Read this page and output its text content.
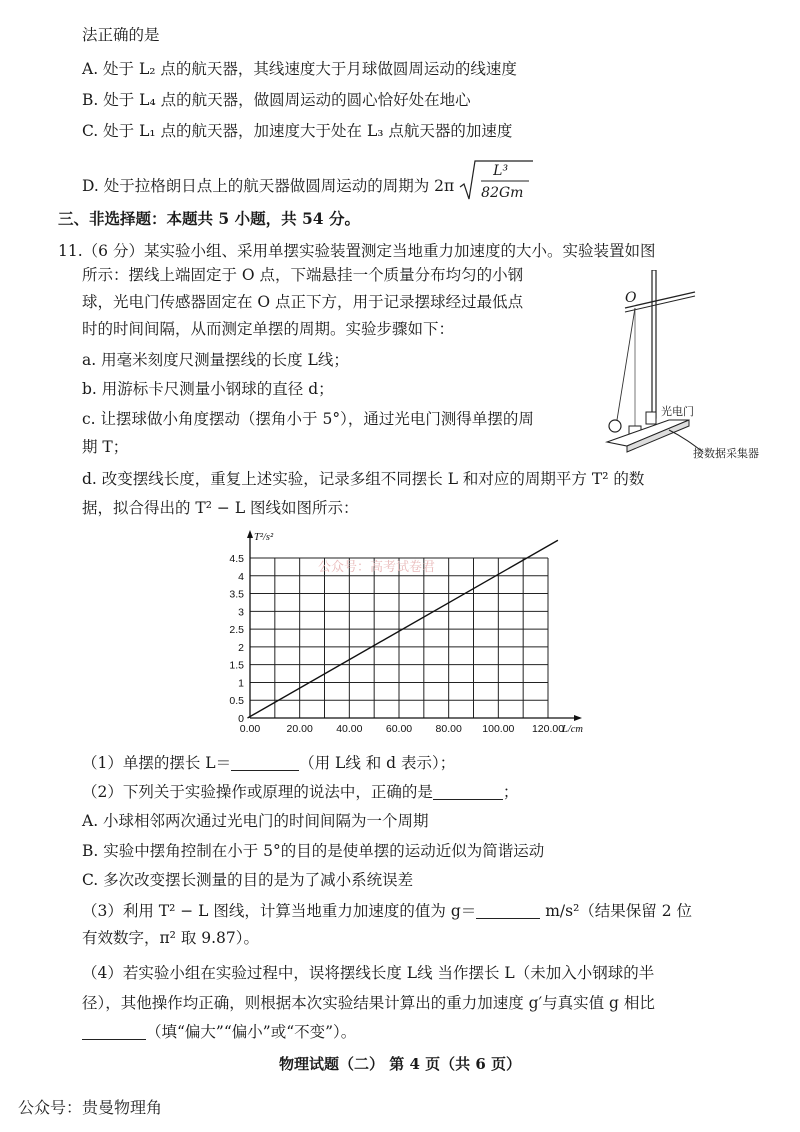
法正确的是
A. 处于 L₂ 点的航天器，其线速度大于月球做圆周运动的线速度
B. 处于 L₄ 点的航天器，做圆周运动的圆心恰好处在地心
C. 处于 L₁ 点的航天器，加速度大于处在 L₃ 点航天器的加速度
D. 处于拉格朗日点上的航天器做圆周运动的周期为 2π
L³
82Gm
三、非选择题：本题共 5 小题，共 54 分。
11.（6 分）某实验小组、采用单摆实验装置测定当地重力加速度的大小。实验装置如图
所示：摆线上端固定于 O 点，下端悬挂一个质量分布均匀的小钢
球，光电门传感器固定在 O 点正下方，用于记录摆球经过最低点
时的时间间隔，从而测定单摆的周期。实验步骤如下：
a. 用毫米刻度尺测量摆线的长度 L线；
b. 用游标卡尺测量小钢球的直径 d；
c. 让摆球做小角度摆动（摆角小于 5°），通过光电门测得单摆的周
期 T；
d. 改变摆线长度，重复上述实验，记录多组不同摆长 L 和对应的周期平方 T² 的数
据，拟合得出的 T² − L 图线如图所示：
O
光电门
接数据采集器
0.00	20.00 40.00 60.00 80.00 100.00 120.00
0
0.5
1
1.5
2
2.5
3
3.5
4
4.5
T²/s²
L/cm
公众号：高考试卷君
（1）单摆的摆长 L＝	（用 L线 和 d 表示）；
（2）下列关于实验操作或原理的说法中，正确的是	；
A. 小球相邻两次通过光电门的时间间隔为一个周期
B. 实验中摆角控制在小于 5°的目的是使单摆的运动近似为简谐运动
C. 多次改变摆长测量的目的是为了减小系统误差
（3）利用 T² − L 图线，计算当地重力加速度的值为 g＝	m/s²（结果保留 2 位
有效数字，π² 取 9.87）。
（4）若实验小组在实验过程中，误将摆线长度 L线 当作摆长 L（未加入小钢球的半
径），其他操作均正确，则根据本次实验结果计算出的重力加速度 g′与真实值 g 相比
（填“偏大”“偏小”或“不变”）。
物理试题（二） 第 4 页（共 6 页）
公众号：贵曼物理角
